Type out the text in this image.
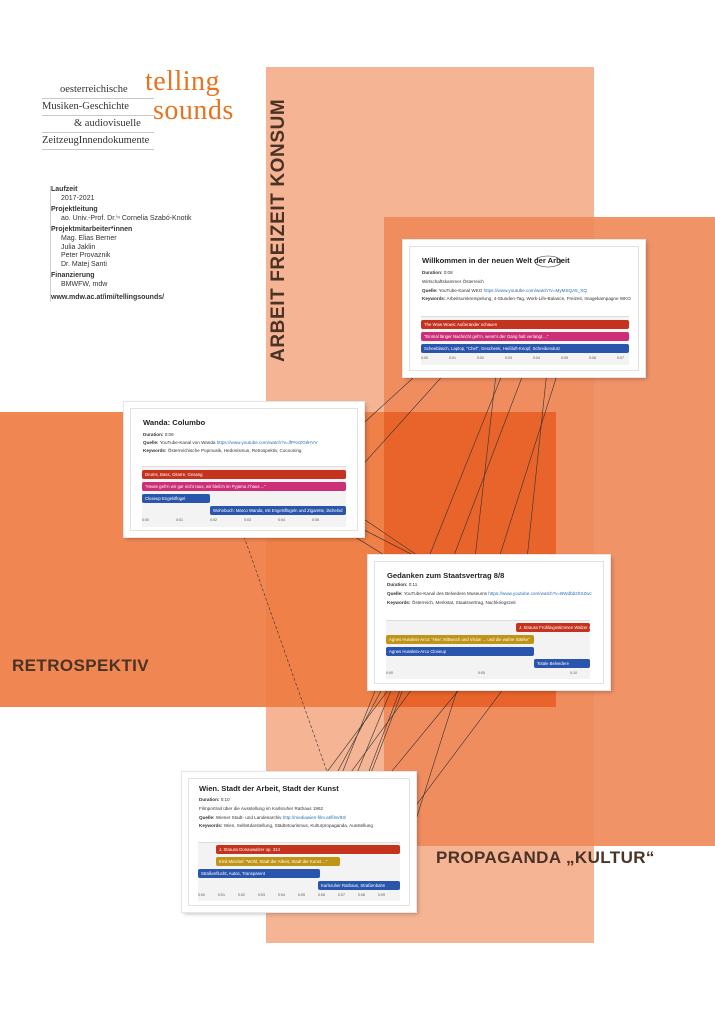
oesterreichische
Musiken-Geschichte
& audiovisuelle
ZeitzeugInnendokumente
telling
sounds
Laufzeit
2017-2021
Projektleitung
ao. Univ.-Prof. Dr.ⁱⁿ Cornelia Szabó-Knotik
Projektmitarbeiter*innen
Mag. Elias Berner
Julia Jaklin
Peter Provaznik
Dr. Matej Santi
Finanzierung
BMWFW, mdw
www.mdw.ac.at/imi/tellingsounds/	ARBEIT FREIZEIT KONSUM
RETROSPEKTIV
PROPAGANDA „KULTUR“
Willkommen in der neuen Welt der Arbeit
Duration: 0:08
Wirtschaftskammer Österreich
Quelle: YouTube-Kanal WKO https://www.youtube.com/watch?v=MyMSQA5_XQ
Keywords: Arbeitsumkrempelung, 4-Stunden-Tag, Work-Life-Balance, Freizeit, Imagekampagne WKO
The Wow Wows: Außerander schauen
"Einmal länger Nachricht geh'n, wenn's der Gang halt verlangt ..."
Scheeblasch, Laptop, "Chef", Geschenk, Heißluft-Knopf, Schreibendutz
0:00	0:01	0:02	0:03	0:04	0:05	0:06	0:07
Wanda: Columbo
Duration: 0:06
Quelle: YouTube-Kanal von Wanda https://www.youtube.com/watch?v=lfPAVZGIlHVV
Keywords: Österreichische Popmusik, Hedonismus, Retrospektiv, Cocooning
Drums, Bass, Gitarre, Gesang
"Heute geh'n wir gar nicht raus, wir bleib'n im Pyjama z'haus ..."
Closeup Engelsflügel
Wohnbuch: Marco Wanda, mit Engelsflügeln und Zigarette, lächelnd
0:00	0:01	0:02	0:03	0:04	0:05
Gedanken zum Staatsvertrag 8/8
Duration: 0:11
Quelle: YouTube-Kanal des Belvedere Museums https://www.youtube.com/watch?v=BWdbb2hSZwc
Keywords: Österreich, Merkstat, Staatsvertrag, Nachkriegszeit
J. Strauss Frühlingsstimmen Walzer op. 410
Agnes Husslein-Arco: "Hier: Mittwoch und Vision ... und die wahre Stärke"
Agnes Husslein-Arco Closeup
Totale Belvedere
0:00	0:05	0:10
Wien. Stadt der Arbeit, Stadt der Kunst
Duration: 0:10
Filmportrait über die Ausstellung im Karlsruher Rathaus 1962
Quelle: Wiener Stadt- und Landesarchiv http://mediawien-film.at/film/93/
Keywords: Wien, Selbstdarstellung, Städtetourismus, Kulturpropaganda, Ausstellung
J. Strauss Donauwalzer op. 314
Emil Meichel: "Wohl, Stadt der Arbeit, Stadt der Kunst ..."
Straßenflucht, Autos, Transparent
Karlsruher Rathaus, Straßenbahn
0:00	0:01	0:02	0:03	0:04	0:05	0:06	0:07	0:08	0:09
